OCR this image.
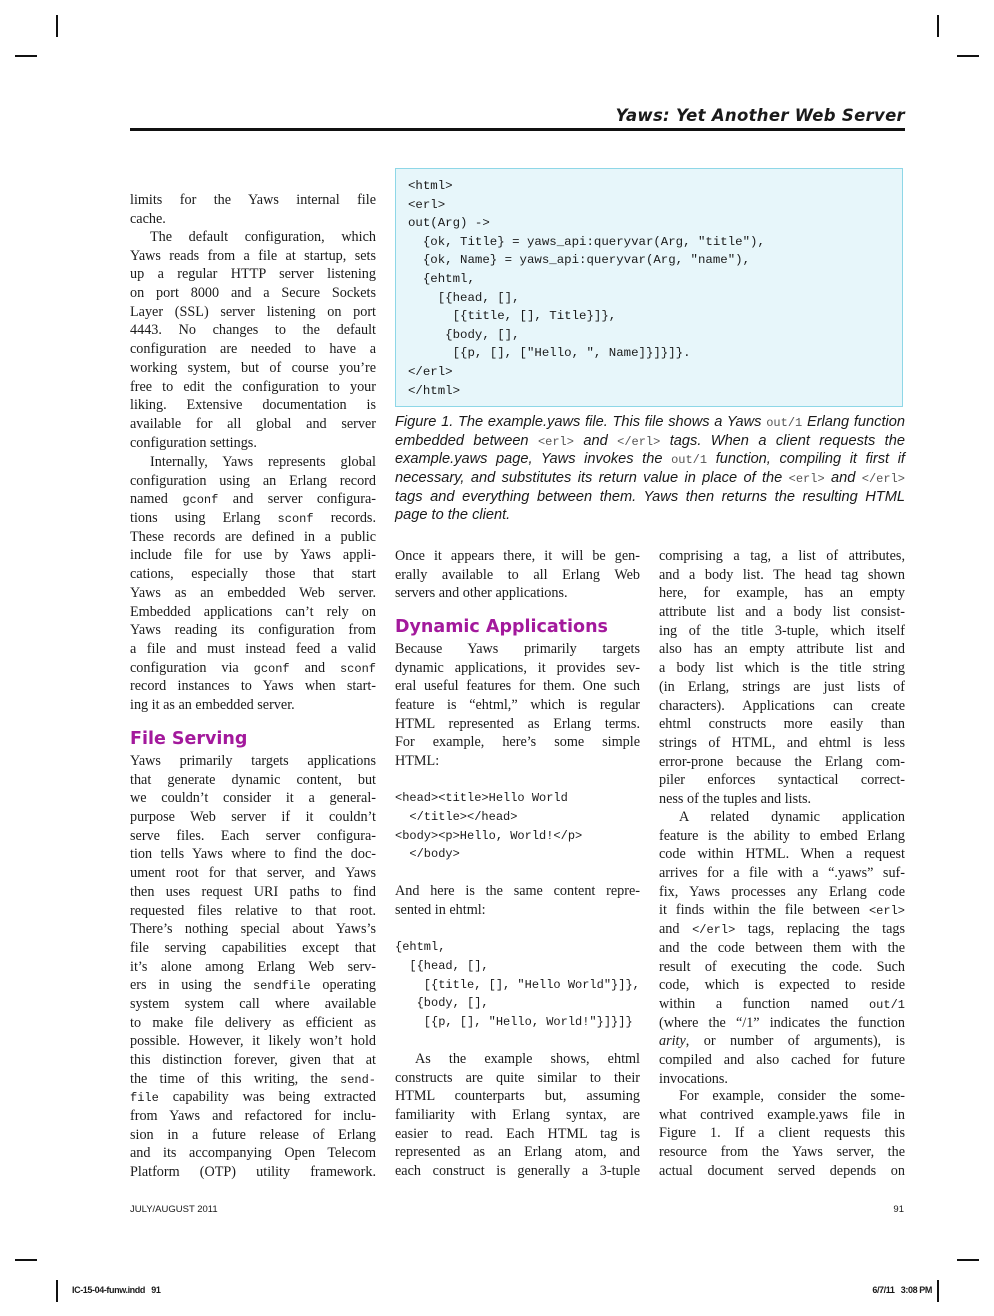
Yaws: Yet Another Web Server
<html>
<erl>
out(Arg) ->
{ok, Title} = yaws_api:queryvar(Arg, "title"),
{ok, Name} = yaws_api:queryvar(Arg, "name"),
{ehtml,
[{head, [],
[{title, [], Title}]},
{body, [],
[{p, [], ["Hello, ", Name]}]}]}.
</erl>
</html>
Figure 1. The example.yaws file. This file shows a Yaws out/1 Erlang function
embedded between <erl> and </erl> tags. When a client requests the
example.yaws page, Yaws invokes the out/1 function, compiling it first if
necessary, and substitutes its return value in place of the <erl> and </erl>
tags and everything between them. Yaws then returns the resulting HTML
page to the client.
limits for the Yaws internal file
cache.
The default configuration, which
Yaws reads from a file at startup, sets
up a regular HTTP server listening
on port 8000 and a Secure Sockets
Layer (SSL) server listening on port
4443. No changes to the default
configuration are needed to have a
working system, but of course you’re
free to edit the configuration to your
liking. Extensive documentation is
available for all global and server
configuration settings.
Internally, Yaws represents global
configuration using an Erlang record
named gconf and server configura-
tions using Erlang sconf records.
These records are defined in a public
include file for use by Yaws appli-
cations, especially those that start
Yaws as an embedded Web server.
Embedded applications can’t rely on
Yaws reading its configuration from
a file and must instead feed a valid
configuration via gconf and sconf
record instances to Yaws when start-
ing it as an embedded server.
File Serving
Yaws primarily targets applications
that generate dynamic content, but
we couldn’t consider it a general-
purpose Web server if it couldn’t
serve files. Each server configura-
tion tells Yaws where to find the doc-
ument root for that server, and Yaws
then uses request URI paths to find
requested files relative to that root.
There’s nothing special about Yaws’s
file serving capabilities except that
it’s alone among Erlang Web serv-
ers in using the sendfile operating
system system call where available
to make file delivery as efficient as
possible. However, it likely won’t hold
this distinction forever, given that at
the time of this writing, the send-
file capability was being extracted
from Yaws and refactored for inclu-
sion in a future release of Erlang
and its accompanying Open Telecom
Platform (OTP) utility framework.
Once it appears there, it will be gen-
erally available to all Erlang Web
servers and other applications.
Dynamic Applications
Because Yaws primarily targets
dynamic applications, it provides sev-
eral useful features for them. One such
feature is “ehtml,” which is regular
HTML represented as Erlang terms.
For example, here’s some simple
HTML:
<head><title>Hello World
</title></head>
<body><p>Hello, World!</p>
</body>
And here is the same content repre-
sented in ehtml:
{ehtml,
[{head, [],
[{title, [], "Hello World"}]},
{body, [],
[{p, [], "Hello, World!"}]}]}
As the example shows, ehtml
constructs are quite similar to their
HTML counterparts but, assuming
familiarity with Erlang syntax, are
easier to read. Each HTML tag is
represented as an Erlang atom, and
each construct is generally a 3-tuple
comprising a tag, a list of attributes,
and a body list. The head tag shown
here, for example, has an empty
attribute list and a body list consist-
ing of the title 3-tuple, which itself
also has an empty attribute list and
a body list which is the title string
(in Erlang, strings are just lists of
characters). Applications can create
ehtml constructs more easily than
strings of HTML, and ehtml is less
error-prone because the Erlang com-
piler enforces syntactical correct-
ness of the tuples and lists.
A related dynamic application
feature is the ability to embed Erlang
code within HTML. When a request
arrives for a file with a “.yaws” suf-
fix, Yaws processes any Erlang code
it finds within the file between <erl>
and </erl> tags, replacing the tags
and the code between them with the
result of executing the code. Such
code, which is expected to reside
within a function named out/1
(where the “/1” indicates the function
arity, or number of arguments), is
compiled and also cached for future
invocations.
For example, consider the some-
what contrived example.yaws file in
Figure 1. If a client requests this
resource from the Yaws server, the
actual document served depends on
JULY/AUGUST 2011	91
IC-15-04-funw.indd   91	6/7/11   3:08 PM
